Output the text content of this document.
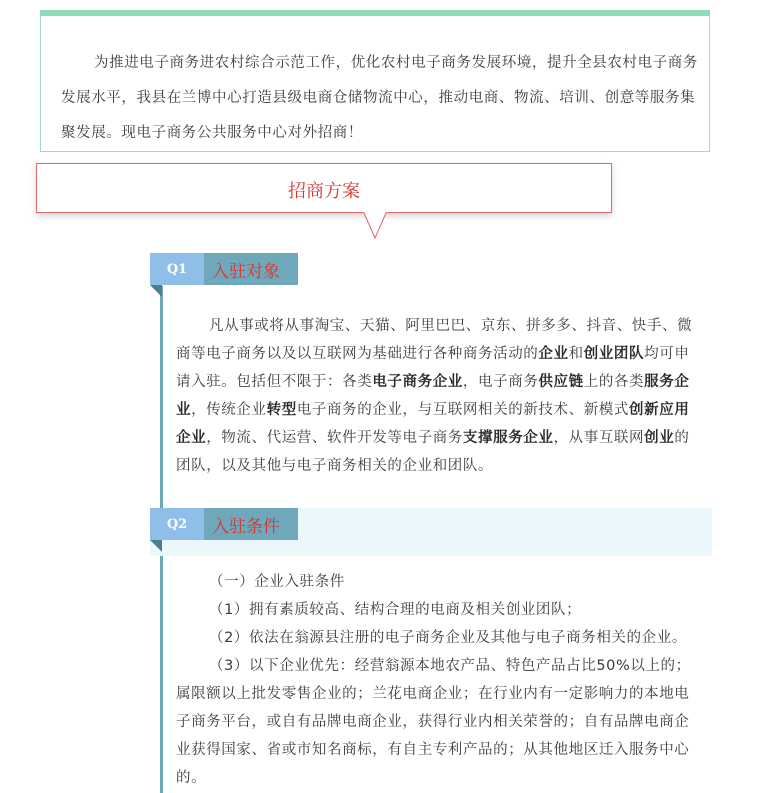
为推进电子商务进农村综合示范工作，优化农村电子商务发展环境，提升全县农村电子商务发展水平，我县在兰博中心打造县级电商仓储物流中心，推动电商、物流、培训、创意等服务集聚发展。现电子商务公共服务中心对外招商！

招商方案
Q1	入驻对象

凡从事或将从事淘宝、天猫、阿里巴巴、京东、拼多多、抖音、快手、微商等电子商务以及以互联网为基础进行各种商务活动的企业和创业团队均可申请入驻。包括但不限于：各类电子商务企业，电子商务供应链上的各类服务企业，传统企业转型电子商务的企业，与互联网相关的新技术、新模式创新应用企业，物流、代运营、软件开发等电子商务支撑服务企业，从事互联网创业的团队，以及其他与电子商务相关的企业和团队。

Q2	入驻条件

（一）企业入驻条件

（1）拥有素质较高、结构合理的电商及相关创业团队；

（2）依法在翁源县注册的电子商务企业及其他与电子商务相关的企业。

（3）以下企业优先：经营翁源本地农产品、特色产品占比50%以上的；属限额以上批发零售企业的；兰花电商企业；在行业内有一定影响力的本地电子商务平台，或自有品牌电商企业，获得行业内相关荣誉的；自有品牌电商企业获得国家、省或市知名商标，有自主专利产品的；从其他地区迁入服务中心的。
